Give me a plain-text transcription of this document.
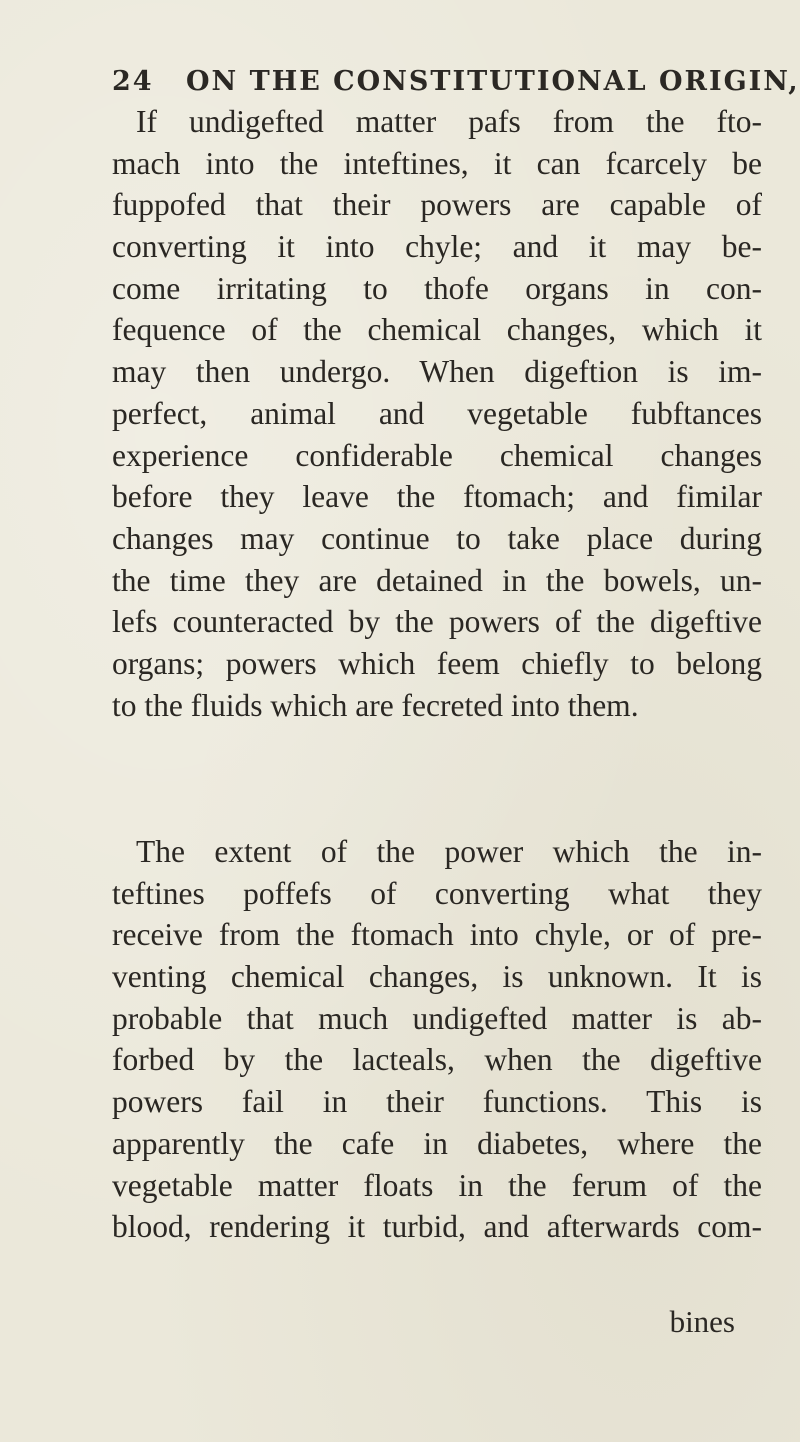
24 ON THE CONSTITUTIONAL ORIGIN,
If undigefted matter pafs from the fto-
mach into the inteftines, it can fcarcely be
fuppofed that their powers are capable of
converting it into chyle; and it may be-
come irritating to thofe organs in con-
fequence of the chemical changes, which it
may then undergo. When digeftion is im-
perfect, animal and vegetable fubftances
experience confiderable chemical changes
before they leave the ftomach; and fimilar
changes may continue to take place during
the time they are detained in the bowels, un-
lefs counteracted by the powers of the digeftive
organs; powers which feem chiefly to belong
to the fluids which are fecreted into them.
The extent of the power which the in-
teftines poffefs of converting what they
receive from the ftomach into chyle, or of pre-
venting chemical changes, is unknown. It is
probable that much undigefted matter is ab-
forbed by the lacteals, when the digeftive
powers fail in their functions. This is
apparently the cafe in diabetes, where the
vegetable matter floats in the ferum of the
blood, rendering it turbid, and afterwards com-
bines
